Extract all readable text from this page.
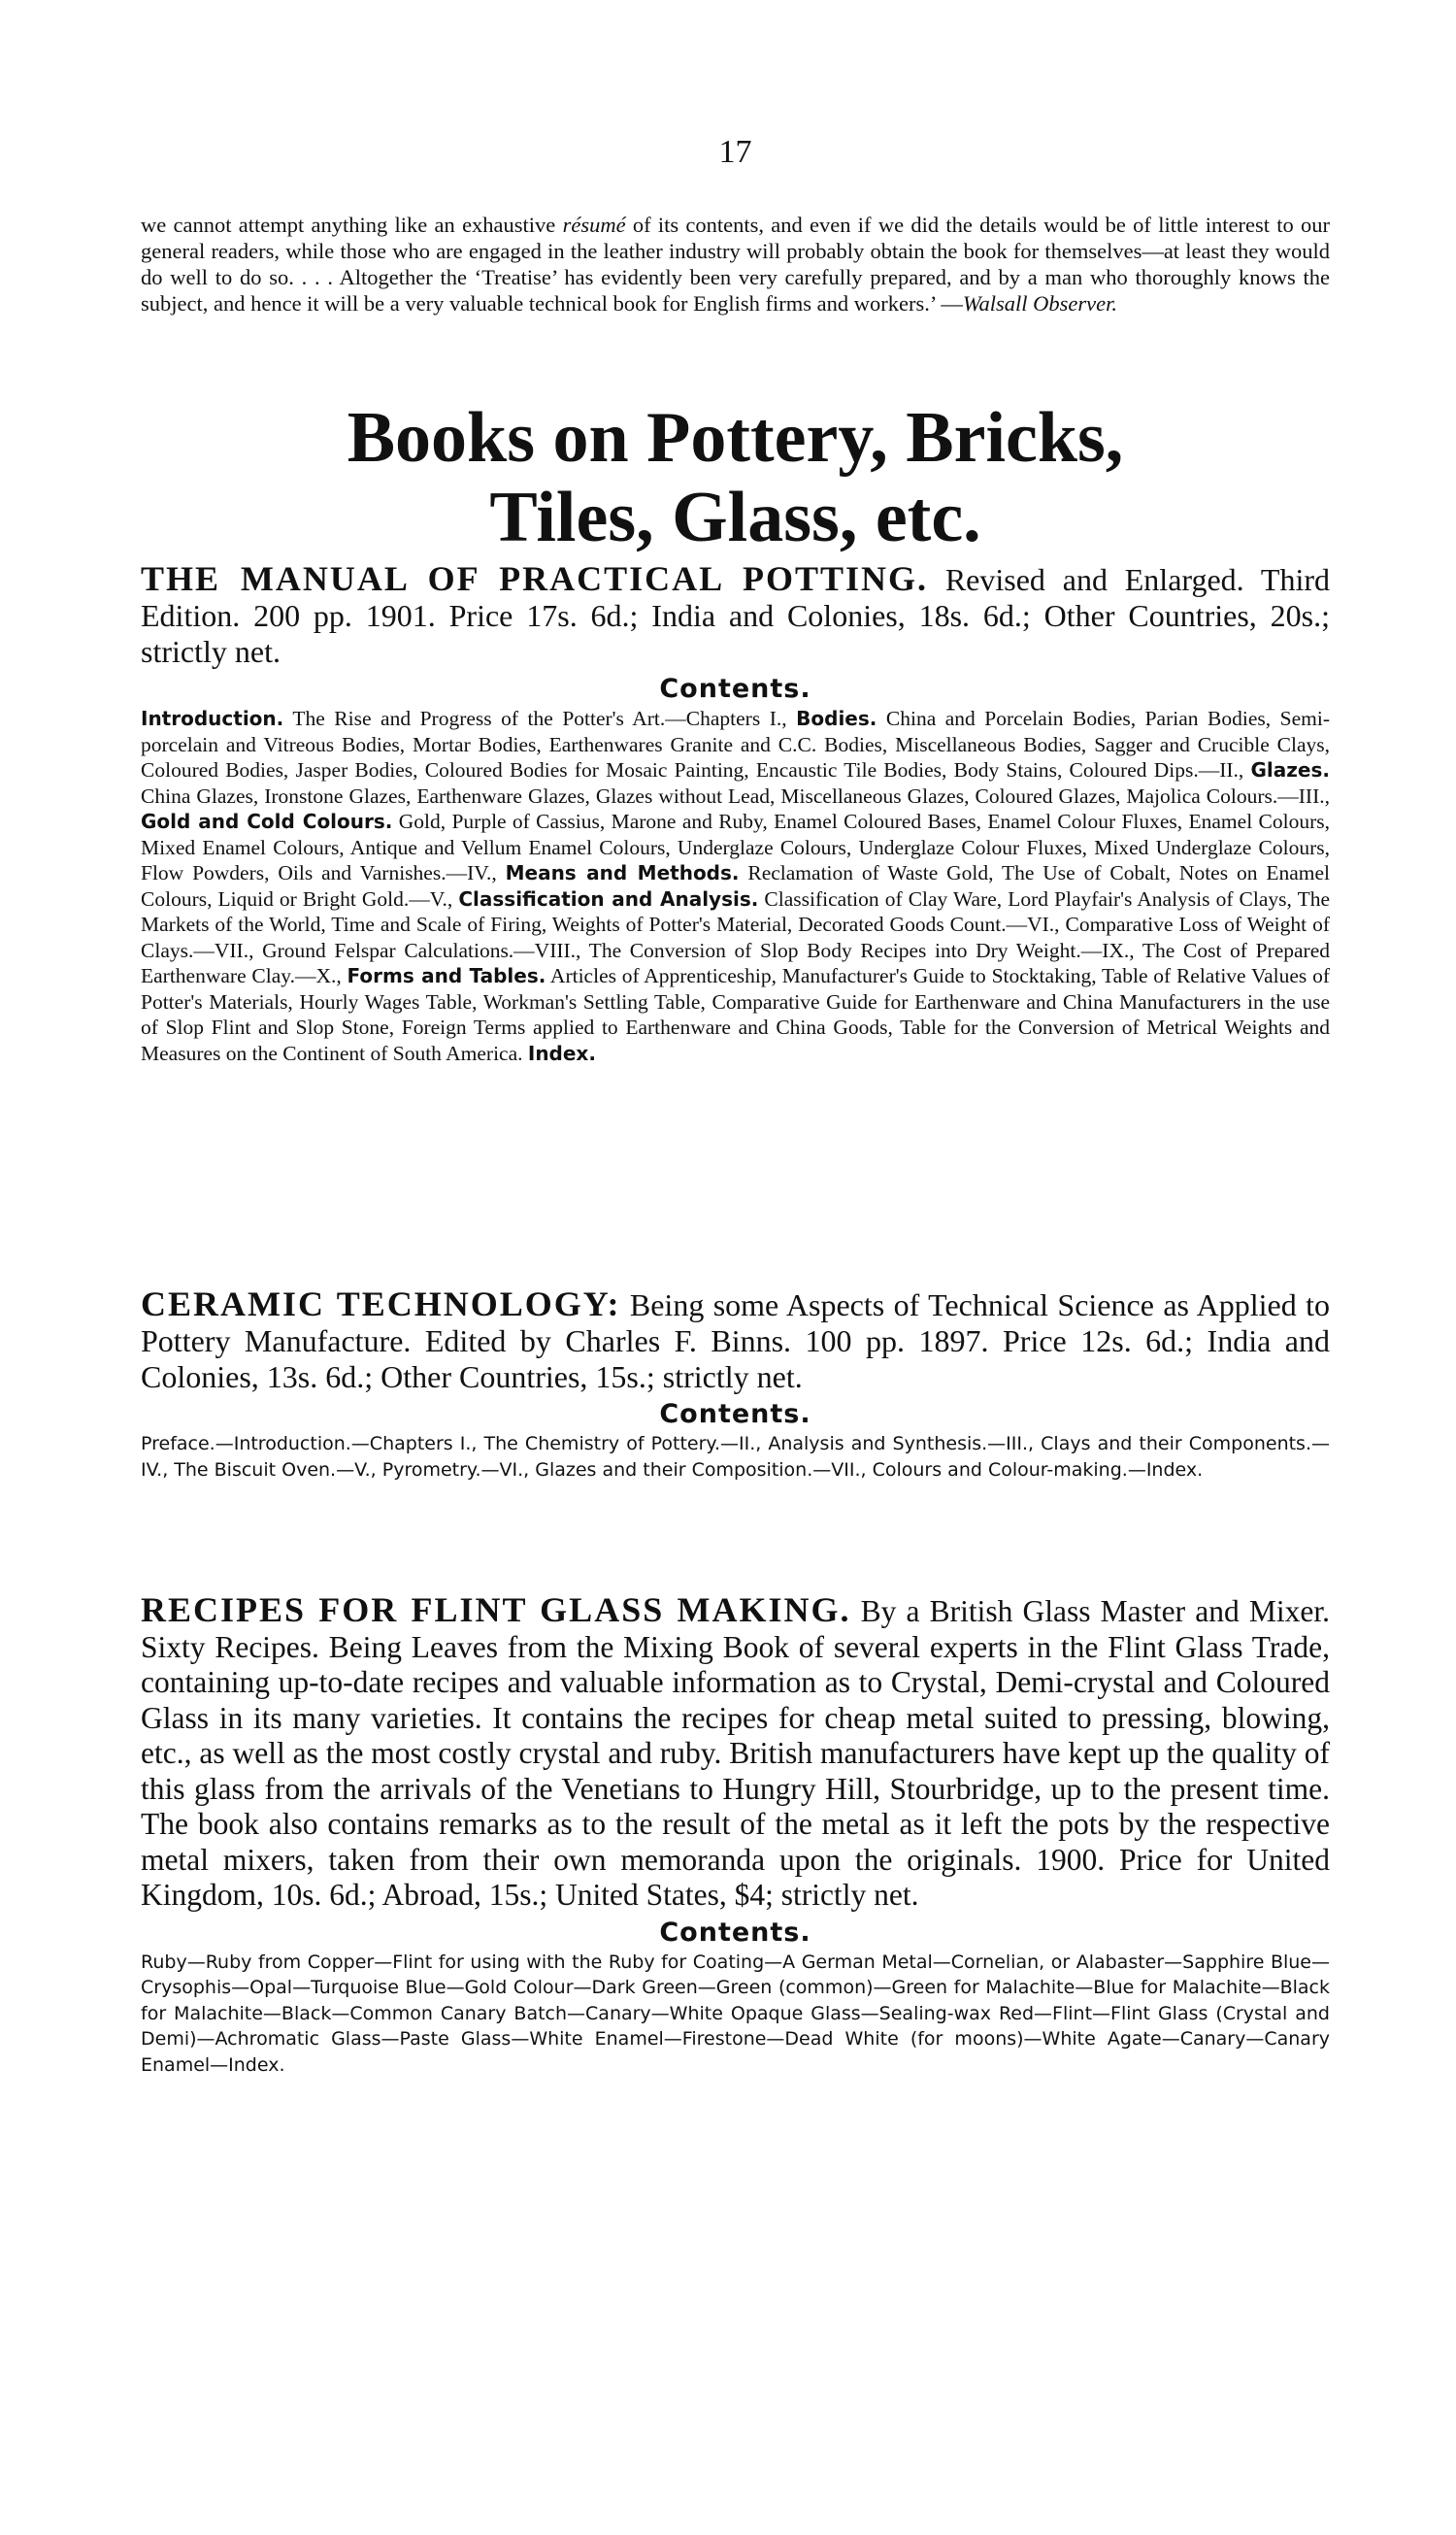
17
we cannot attempt anything like an exhaustive résumé of its contents, and even if we did the details would be of little interest to our general readers, while those who are engaged in the leather industry will probably obtain the book for themselves—at least they would do well to do so. . . . Altogether the ‘Treatise’ has evidently been very carefully prepared, and by a man who thoroughly knows the subject, and hence it will be a very valuable technical book for English firms and workers.’ —Walsall Observer.
Books on Pottery, Bricks,
Tiles, Glass, etc.
THE MANUAL OF PRACTICAL POTTING. Revised and Enlarged. Third Edition. 200 pp. 1901. Price 17s. 6d.; India and Colonies, 18s. 6d.; Other Countries, 20s.; strictly net.
Contents.
Introduction. The Rise and Progress of the Potter's Art.—Chapters I., Bodies. China and Porcelain Bodies, Parian Bodies, Semi-porcelain and Vitreous Bodies, Mortar Bodies, Earthenwares Granite and C.C. Bodies, Miscellaneous Bodies, Sagger and Crucible Clays, Coloured Bodies, Jasper Bodies, Coloured Bodies for Mosaic Painting, Encaustic Tile Bodies, Body Stains, Coloured Dips.—II., Glazes. China Glazes, Ironstone Glazes, Earthenware Glazes, Glazes without Lead, Miscellaneous Glazes, Coloured Glazes, Majolica Colours.—III., Gold and Cold Colours. Gold, Purple of Cassius, Marone and Ruby, Enamel Coloured Bases, Enamel Colour Fluxes, Enamel Colours, Mixed Enamel Colours, Antique and Vellum Enamel Colours, Underglaze Colours, Underglaze Colour Fluxes, Mixed Underglaze Colours, Flow Powders, Oils and Varnishes.—IV., Means and Methods. Reclamation of Waste Gold, The Use of Cobalt, Notes on Enamel Colours, Liquid or Bright Gold.—V., Classification and Analysis. Classification of Clay Ware, Lord Playfair's Analysis of Clays, The Markets of the World, Time and Scale of Firing, Weights of Potter's Material, Decorated Goods Count.—VI., Comparative Loss of Weight of Clays.—VII., Ground Felspar Calculations.—VIII., The Conversion of Slop Body Recipes into Dry Weight.—IX., The Cost of Prepared Earthenware Clay.—X., Forms and Tables. Articles of Apprenticeship, Manufacturer's Guide to Stocktaking, Table of Relative Values of Potter's Materials, Hourly Wages Table, Workman's Settling Table, Comparative Guide for Earthenware and China Manufacturers in the use of Slop Flint and Slop Stone, Foreign Terms applied to Earthenware and China Goods, Table for the Conversion of Metrical Weights and Measures on the Continent of South America. Index.
CERAMIC TECHNOLOGY: Being some Aspects of Technical Science as Applied to Pottery Manufacture. Edited by Charles F. Binns. 100 pp. 1897. Price 12s. 6d.; India and Colonies, 13s. 6d.; Other Countries, 15s.; strictly net.
Contents.
Preface.—Introduction.—Chapters I., The Chemistry of Pottery.—II., Analysis and Synthesis.—III., Clays and their Components.—IV., The Biscuit Oven.—V., Pyrometry.—VI., Glazes and their Composition.—VII., Colours and Colour-making.—Index.
RECIPES FOR FLINT GLASS MAKING. By a British Glass Master and Mixer. Sixty Recipes. Being Leaves from the Mixing Book of several experts in the Flint Glass Trade, containing up-to-date recipes and valuable information as to Crystal, Demi-crystal and Coloured Glass in its many varieties. It contains the recipes for cheap metal suited to pressing, blowing, etc., as well as the most costly crystal and ruby. British manufacturers have kept up the quality of this glass from the arrivals of the Venetians to Hungry Hill, Stourbridge, up to the present time. The book also contains remarks as to the result of the metal as it left the pots by the respective metal mixers, taken from their own memoranda upon the originals. 1900. Price for United Kingdom, 10s. 6d.; Abroad, 15s.; United States, $4; strictly net.
Contents.
Ruby—Ruby from Copper—Flint for using with the Ruby for Coating—A German Metal—Cornelian, or Alabaster—Sapphire Blue—Crysophis—Opal—Turquoise Blue—Gold Colour—Dark Green—Green (common)—Green for Malachite—Blue for Malachite—Black for Malachite—Black—Common Canary Batch—Canary—White Opaque Glass—Sealing-wax Red—Flint—Flint Glass (Crystal and Demi)—Achromatic Glass—Paste Glass—White Enamel—Firestone—Dead White (for moons)—White Agate—Canary—Canary Enamel—Index.
